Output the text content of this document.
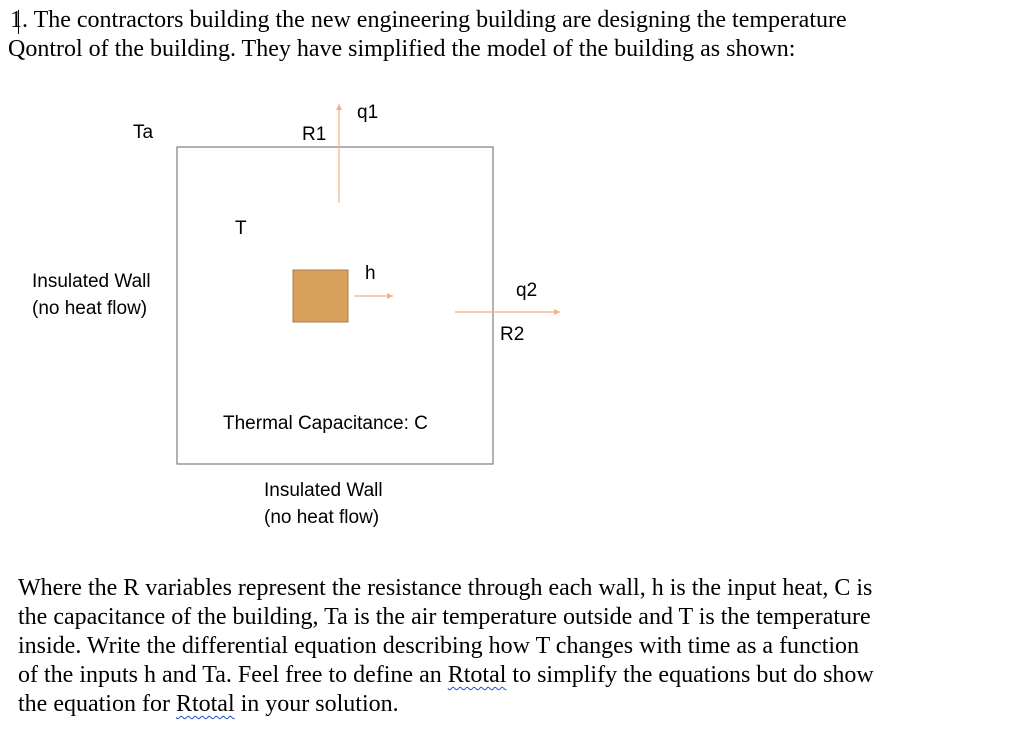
1. The contractors building the new engineering building are designing the temperature
Qontrol of the building. They have simplified the model of the building as shown:
Ta	R1
q1
T
h
q2
R2
Insulated Wall
(no heat flow)
Thermal Capacitance: C
Insulated Wall
(no heat flow)
Where the R variables represent the resistance through each wall, h is the input heat, C is
the capacitance of the building, Ta is the air temperature outside and T is the temperature
inside. Write the differential equation describing how T changes with time as a function
of the inputs h and Ta. Feel free to define an Rtotal to simplify the equations but do show
the equation for Rtotal in your solution.
